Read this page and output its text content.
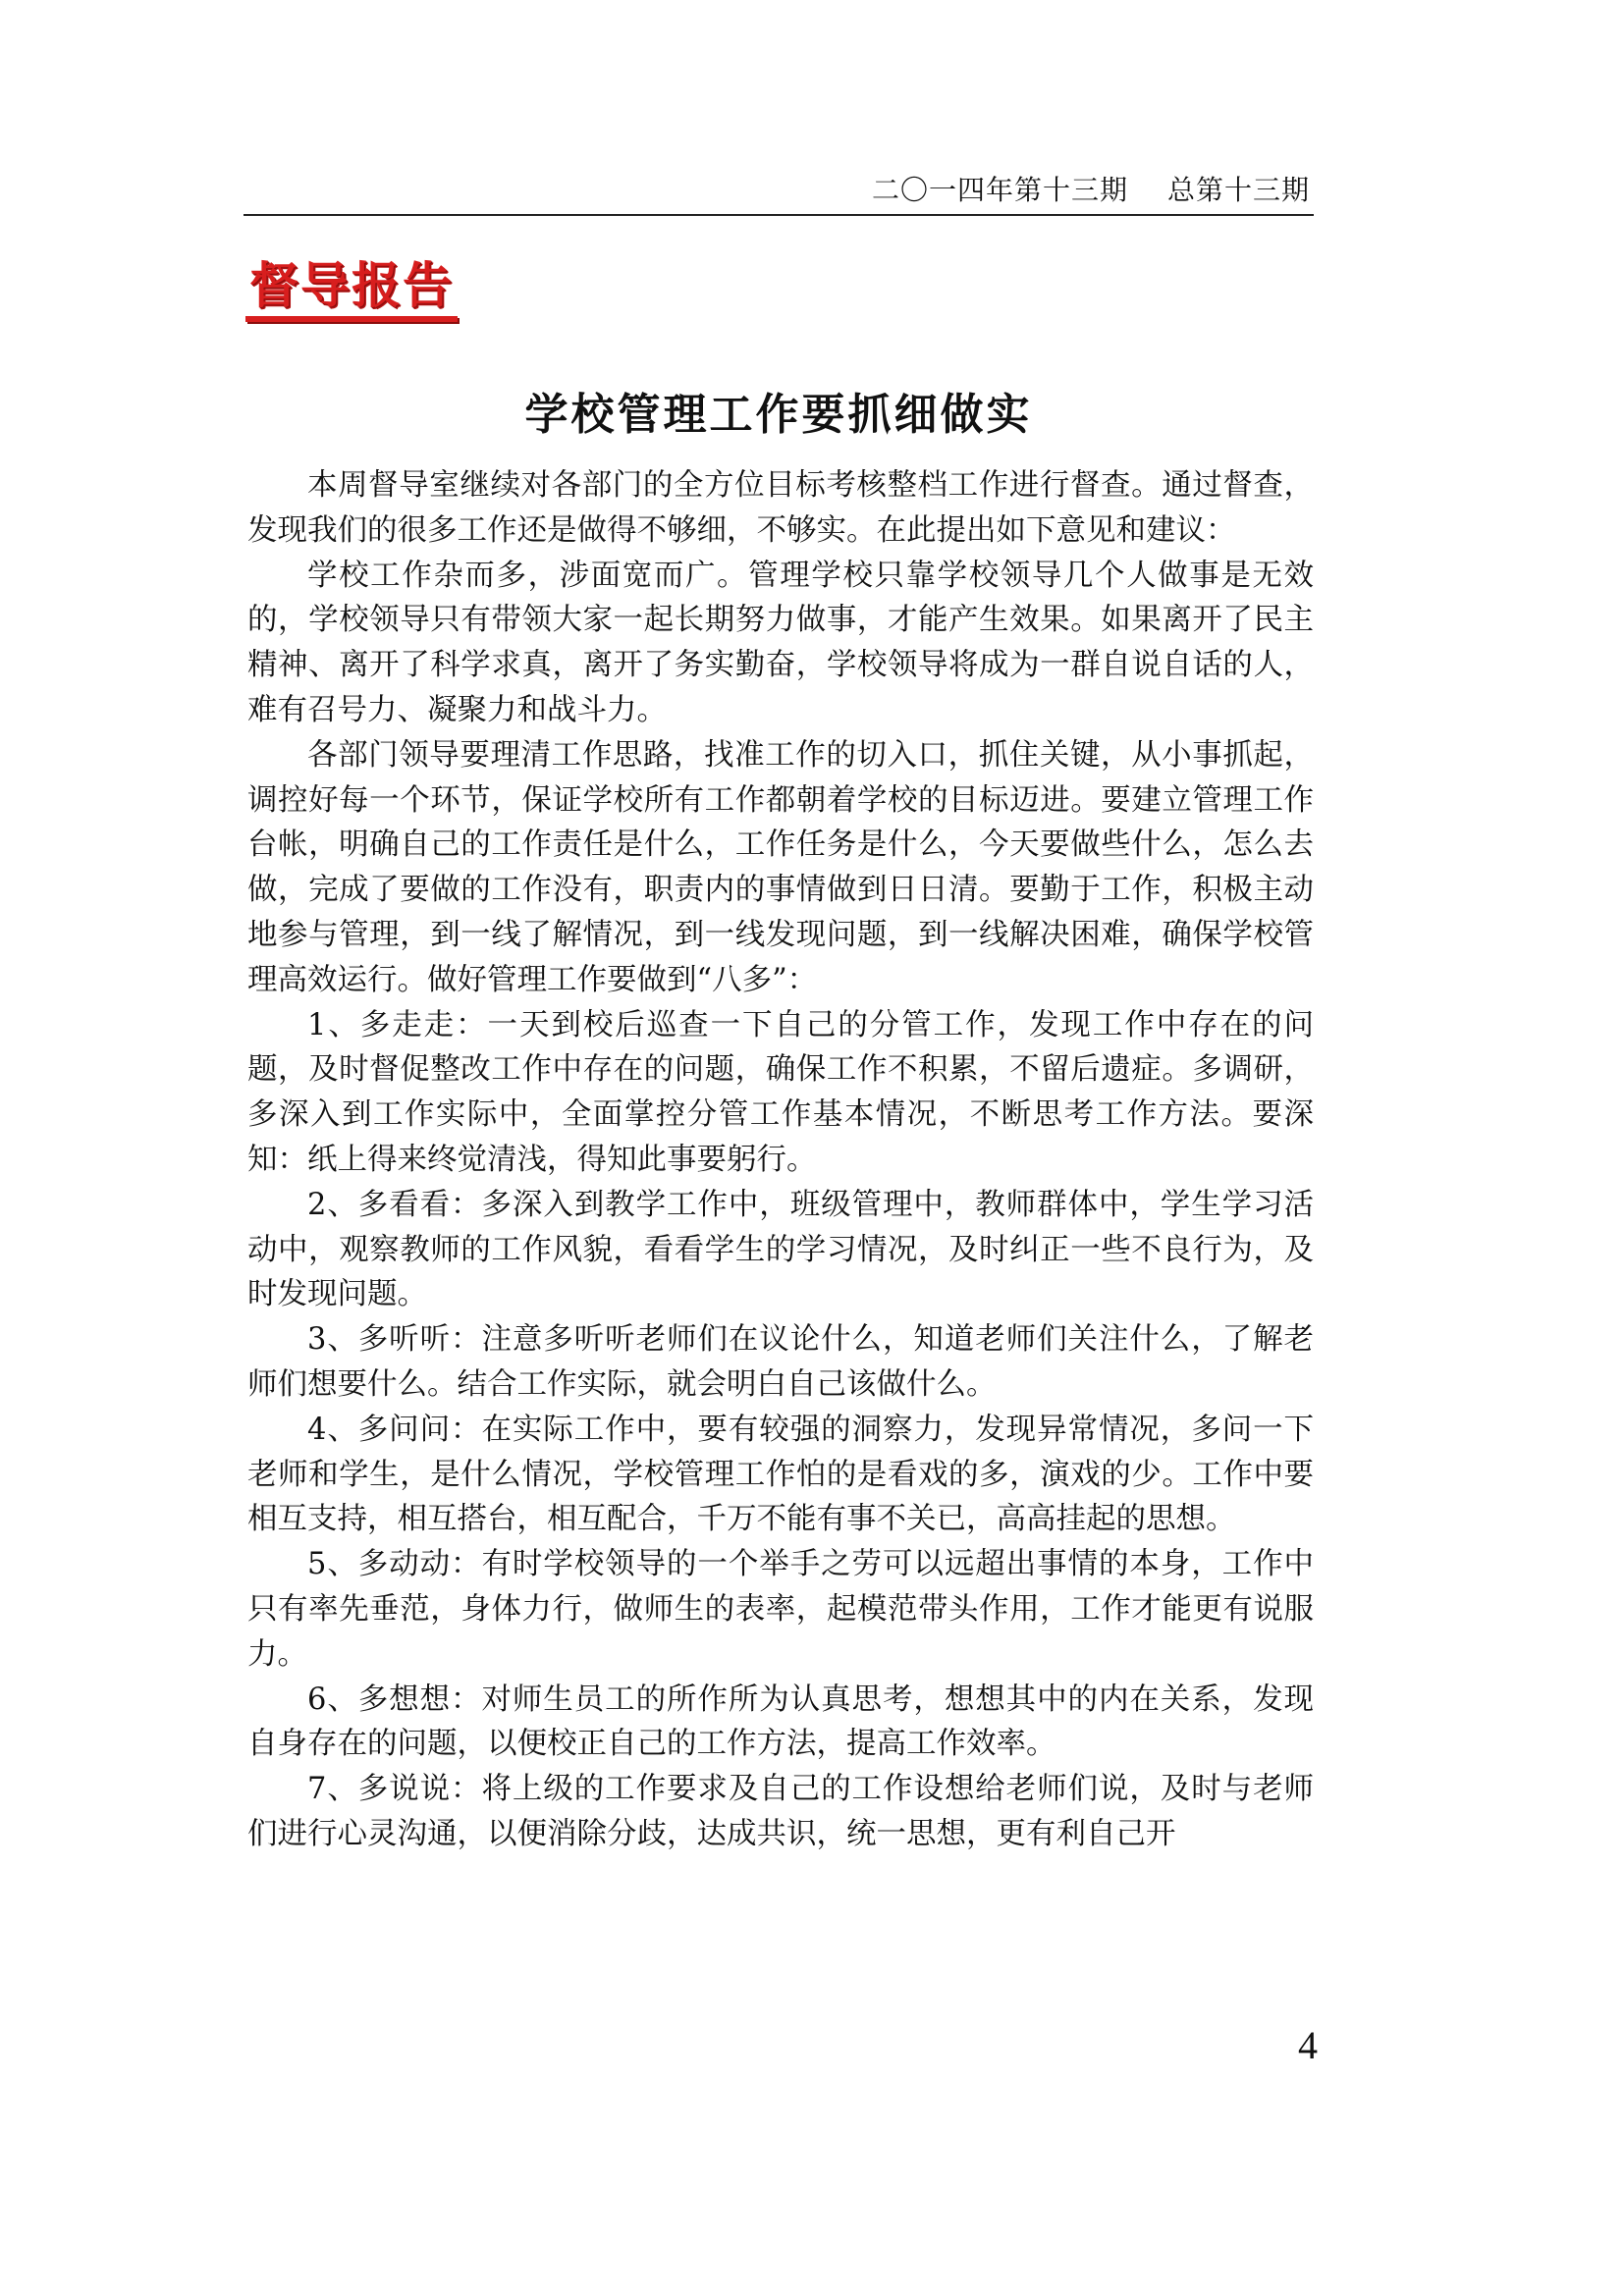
二〇一四年第十三期 总第十三期
督导报告
学校管理工作要抓细做实

本周督导室继续对各部门的全方位目标考核整档工作进行督查。通过督查，发现我们的很多工作还是做得不够细，不够实。在此提出如下意见和建议：

学校工作杂而多，涉面宽而广。管理学校只靠学校领导几个人做事是无效的，学校领导只有带领大家一起长期努力做事，才能产生效果。如果离开了民主精神、离开了科学求真，离开了务实勤奋，学校领导将成为一群自说自话的人，难有召号力、凝聚力和战斗力。

各部门领导要理清工作思路，找准工作的切入口，抓住关键，从小事抓起，调控好每一个环节，保证学校所有工作都朝着学校的目标迈进。要建立管理工作台帐，明确自己的工作责任是什么，工作任务是什么，今天要做些什么，怎么去做，完成了要做的工作没有，职责内的事情做到日日清。要勤于工作，积极主动地参与管理，到一线了解情况，到一线发现问题，到一线解决困难，确保学校管理高效运行。做好管理工作要做到“八多”：

1、多走走：一天到校后巡查一下自己的分管工作，发现工作中存在的问题，及时督促整改工作中存在的问题，确保工作不积累，不留后遗症。多调研，多深入到工作实际中，全面掌控分管工作基本情况，不断思考工作方法。要深知：纸上得来终觉清浅，得知此事要躬行。

2、多看看：多深入到教学工作中，班级管理中，教师群体中，学生学习活动中，观察教师的工作风貌，看看学生的学习情况，及时纠正一些不良行为，及时发现问题。

3、多听听：注意多听听老师们在议论什么，知道老师们关注什么，了解老师们想要什么。结合工作实际，就会明白自己该做什么。

4、多问问：在实际工作中，要有较强的洞察力，发现异常情况，多问一下老师和学生，是什么情况，学校管理工作怕的是看戏的多，演戏的少。工作中要相互支持，相互搭台，相互配合，千万不能有事不关已，高高挂起的思想。

5、多动动：有时学校领导的一个举手之劳可以远超出事情的本身，工作中只有率先垂范，身体力行，做师生的表率，起模范带头作用，工作才能更有说服力。

6、多想想：对师生员工的所作所为认真思考，想想其中的内在关系，发现自身存在的问题，以便校正自己的工作方法，提高工作效率。

7、多说说：将上级的工作要求及自己的工作设想给老师们说，及时与老师们进行心灵沟通，以便消除分歧，达成共识，统一思想，更有利自己开

4
